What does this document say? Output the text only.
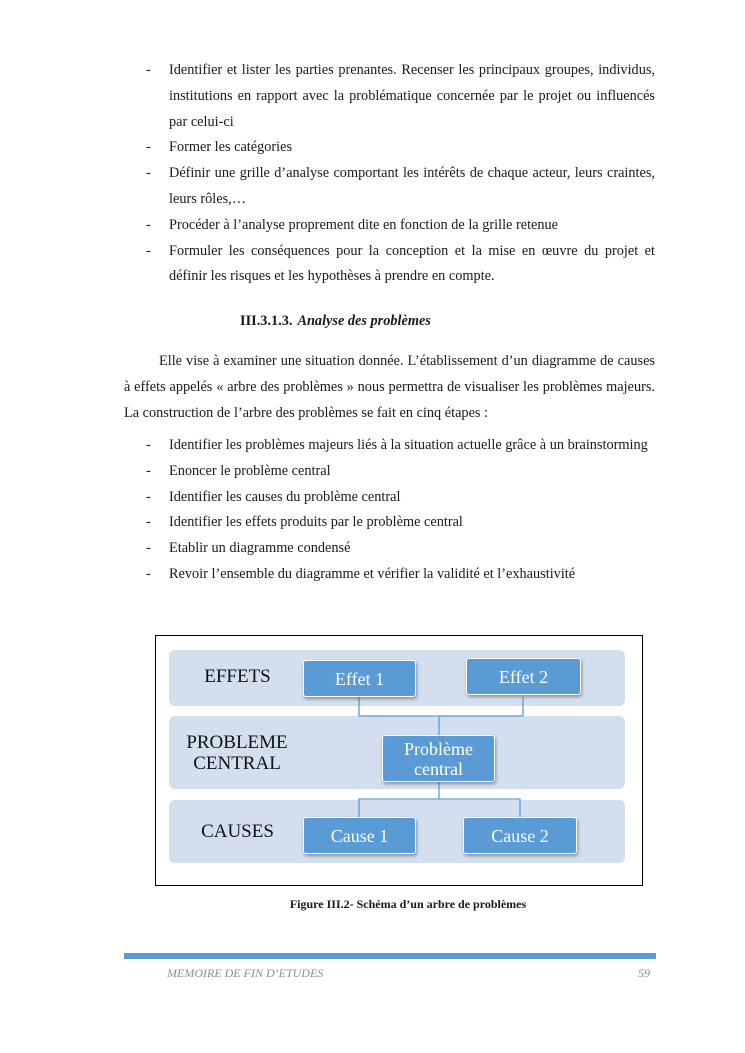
- Identifier et lister les parties prenantes. Recenser les principaux groupes, individus, institutions en rapport avec la problématique concernée par le projet ou influencés par celui-ci
- Former les catégories
- Définir une grille d’analyse comportant les intérêts de chaque acteur, leurs craintes, leurs rôles,…
- Procéder à l’analyse proprement dite en fonction de la grille retenue
- Formuler les conséquences pour la conception et la mise en œuvre du projet et définir les risques et les hypothèses à prendre en compte.
III.3.1.3. Analyse des problèmes

Elle vise à examiner une situation donnée. L’établissement d’un diagramme de causes à effets appelés « arbre des problèmes » nous permettra de visualiser les problèmes majeurs. La construction de l’arbre des problèmes se fait en cinq étapes :

- Identifier les problèmes majeurs liés à la situation actuelle grâce à un brainstorming
- Enoncer le problème central
- Identifier les causes du problème central
- Identifier les effets produits par le problème central
- Etablir un diagramme condensé
- Revoir l’ensemble du diagramme et vérifier la validité et l’exhaustivité
EFFETS
PROBLEME CENTRAL
CAUSES
Effet 1	Effet 2
Problème central
Cause 1	Cause 2
Figure III.2- Schéma d’un arbre de problèmes
MEMOIRE DE FIN D’ETUDES	59
